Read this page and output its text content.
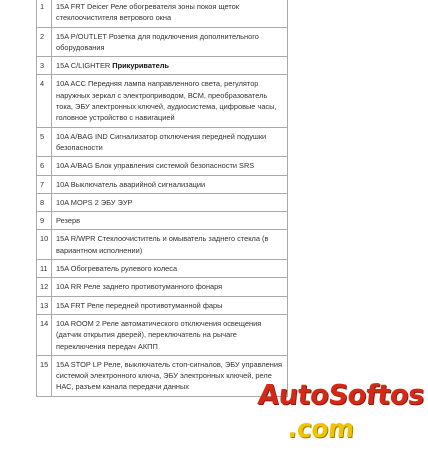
1	15A FRT Deicer Реле обогревателя зоны покоя щеток стеклоочистителя ветрового окна
2	15A P/OUTLET Розетка для подключения дополнительного оборудования
3	15A C/LIGHTER Прикуриватель
4	10A ACC Передняя лампа направленного света, регулятор наружных зеркал с электроприводом, ВСМ, преобразователь тока, ЭБУ электронных ключей, аудиосистема, цифровые часы, головное устройство с навигацией
5	10A A/BAG IND Сигнализатор отключения передней подушки безопасности
6	10A A/BAG Блок управления системой безопасности SRS
7	10A Выключатель аварийной сигнализации
8	10A MOPS 2 ЭБУ ЭУР
9	Резерв
10	15A R/WPR Стеклоочиститель и омыватель заднего стекла (в вариантном исполнении)
11	15A Обогреватель рулевого колеса
12	10A RR Реле заднего противотуманного фонаря
13	15A FRT Реле передней противотуманной фары
14	10A ROOM 2 Реле автоматического отключения освещения (датчик открытия дверей), переключатель на рычаге переключения передач АКПП
15	15A STOP LP Реле, выключатель стоп-сигналов, ЭБУ управления системой электронного ключа, ЭБУ электронных ключей, реле НАС, разъем канала передачи данных AutoSoftos
.com
